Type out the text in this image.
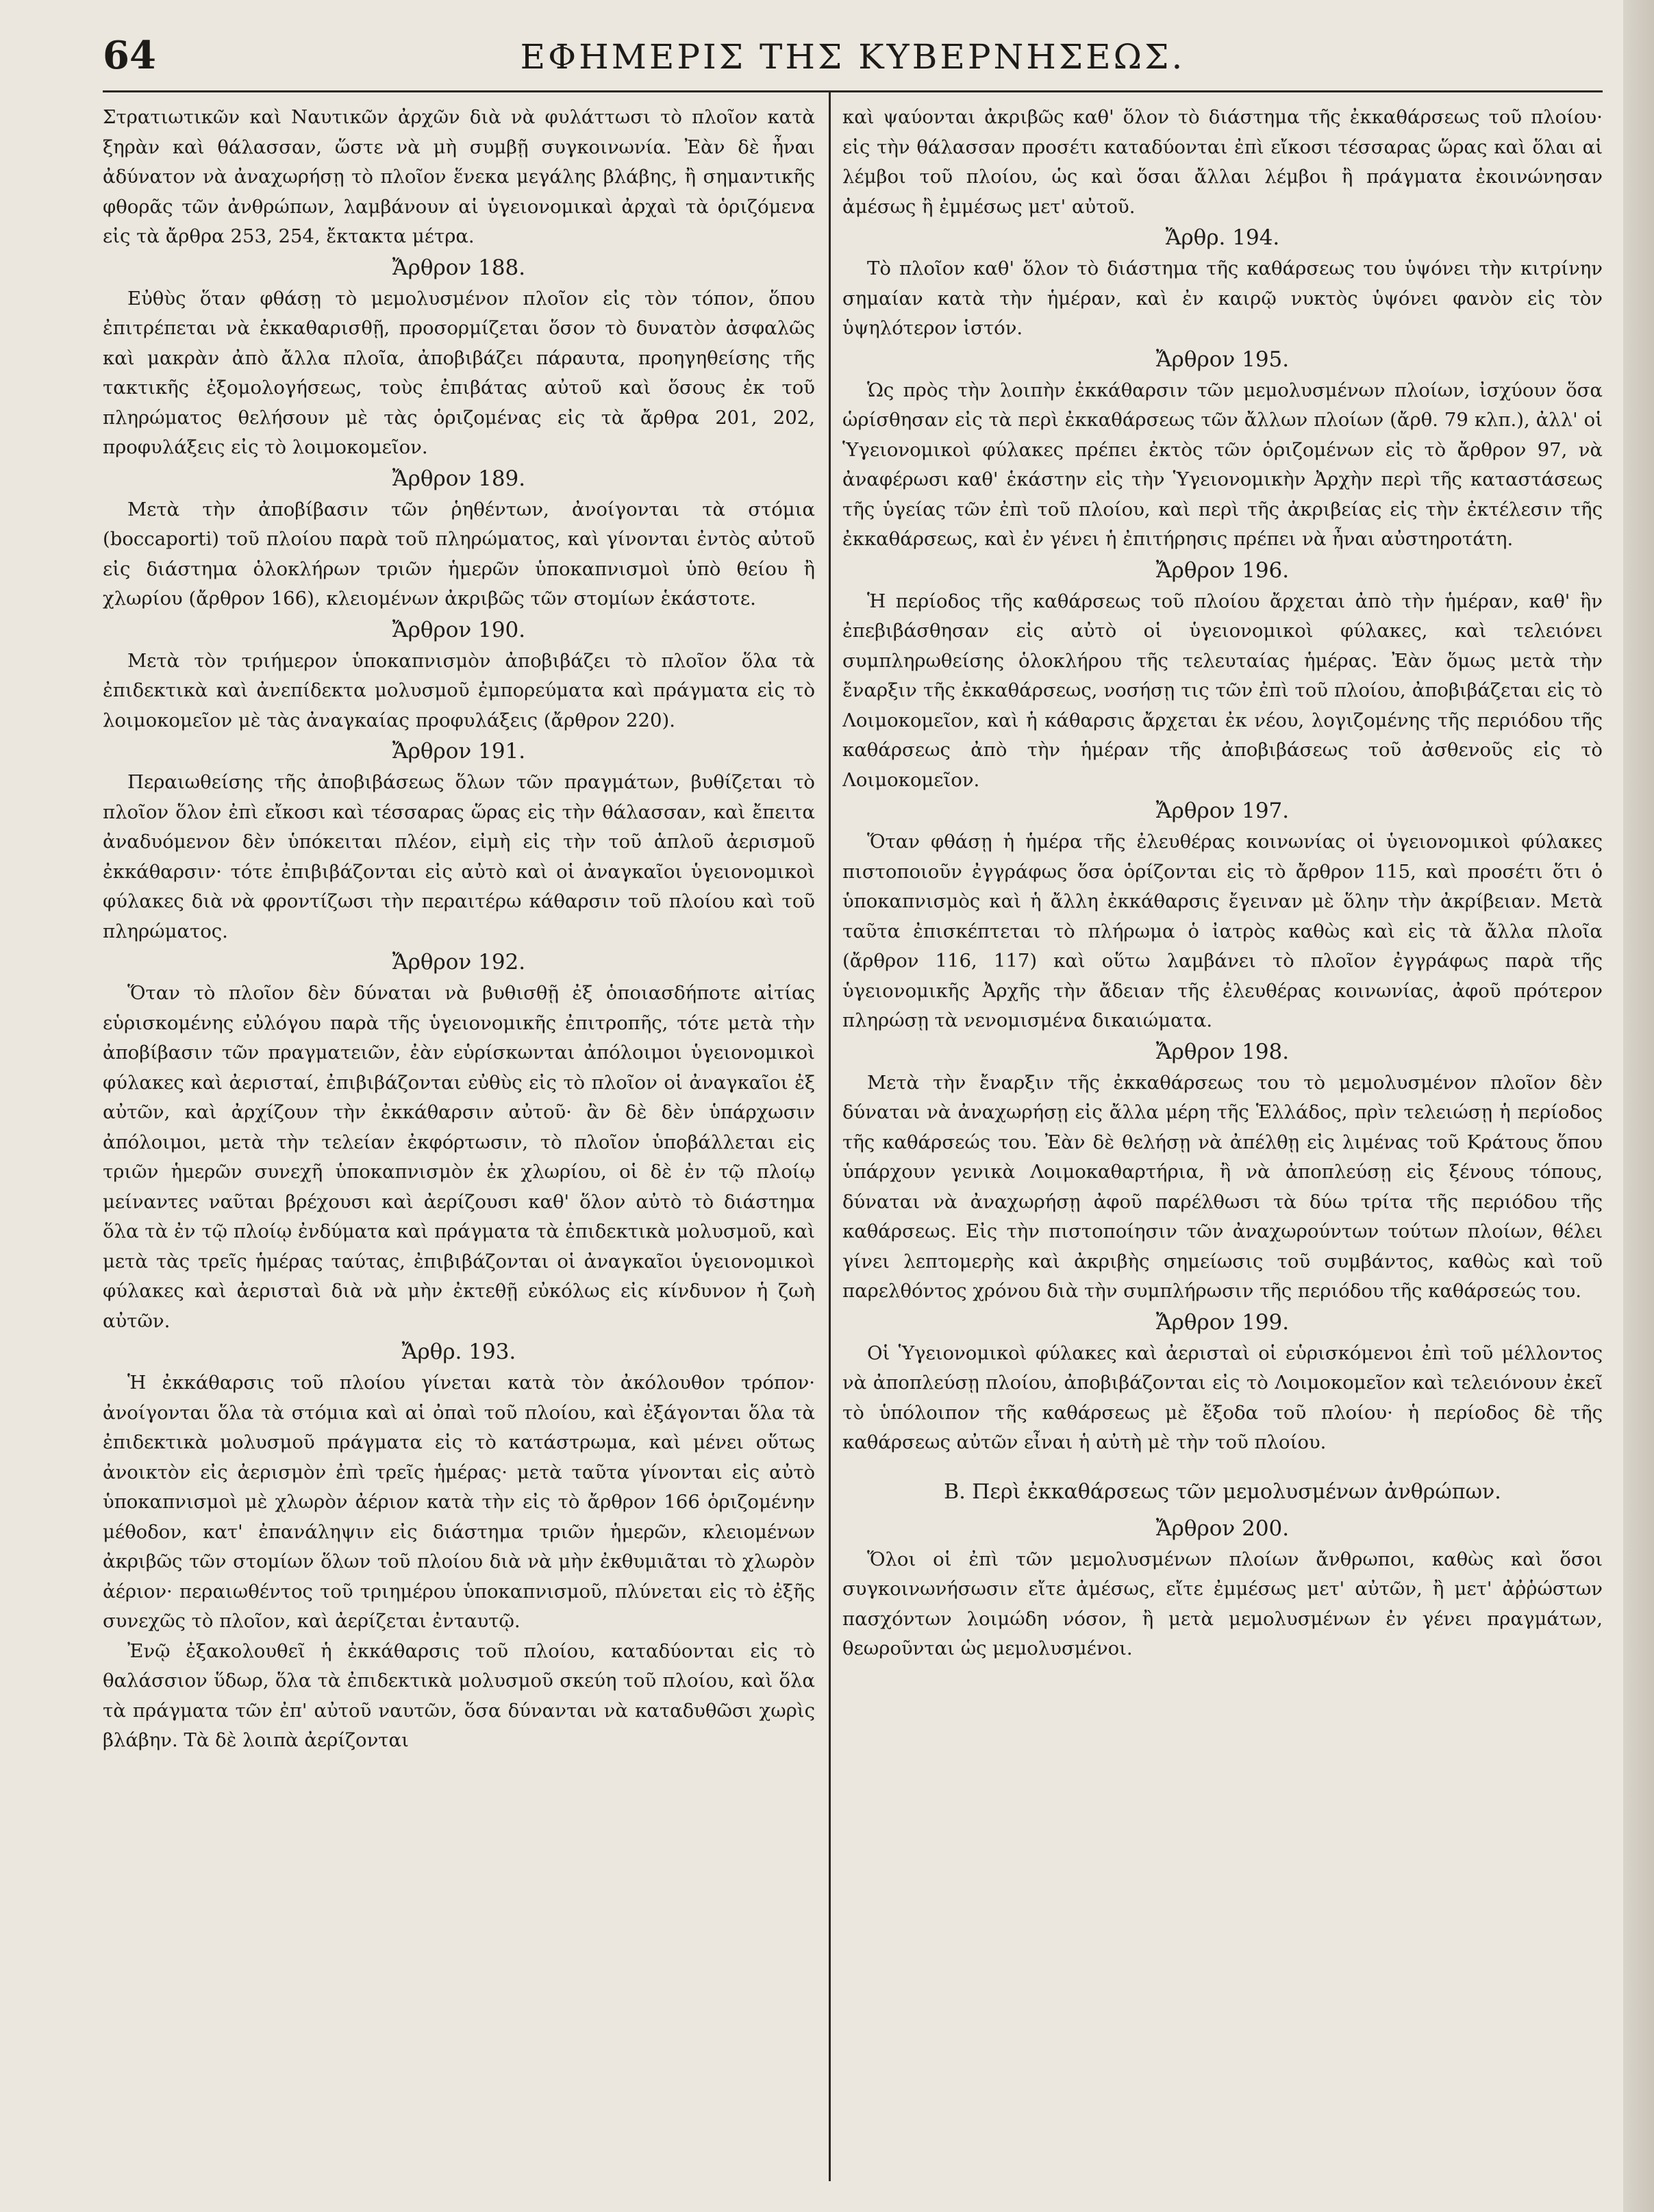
64	ΕΦΗΜΕΡΙΣ ΤΗΣ ΚΥΒΕΡΝΗΣΕΩΣ.

Στρατιωτικῶν καὶ Ναυτικῶν ἀρχῶν διὰ νὰ φυλάττωσι τὸ πλοῖον κατὰ ξηρὰν καὶ θάλασσαν, ὥστε νὰ μὴ συμβῇ συγκοινωνία. Ἐὰν δὲ ἦναι ἀδύνατον νὰ ἀναχωρήσῃ τὸ πλοῖον ἕνεκα μεγάλης βλάβης, ἢ σημαντικῆς φθορᾶς τῶν ἀνθρώπων, λαμβάνουν αἱ ὑγειονομικαὶ ἀρχαὶ τὰ ὁριζόμενα εἰς τὰ ἄρθρα 253, 254, ἔκτακτα μέτρα.

Ἄρθρον 188.

Εὐθὺς ὅταν φθάσῃ τὸ μεμολυσμένον πλοῖον εἰς τὸν τόπον, ὅπου ἐπιτρέπεται νὰ ἐκκαθαρισθῇ, προσορμίζεται ὅσον τὸ δυνατὸν ἀσφαλῶς καὶ μακρὰν ἀπὸ ἄλλα πλοῖα, ἀποβιβάζει πάραυτα, προηγηθείσης τῆς τακτικῆς ἐξομολογήσεως, τοὺς ἐπιβάτας αὐτοῦ καὶ ὅσους ἐκ τοῦ πληρώματος θελήσουν μὲ τὰς ὁριζομένας εἰς τὰ ἄρθρα 201, 202, προφυλάξεις εἰς τὸ λοιμοκομεῖον.

Ἄρθρον 189.

Μετὰ τὴν ἀποβίβασιν τῶν ῥηθέντων, ἀνοίγονται τὰ στόμια (boccaporti) τοῦ πλοίου παρὰ τοῦ πληρώματος, καὶ γίνονται ἐντὸς αὐτοῦ εἰς διάστημα ὁλοκλήρων τριῶν ἡμερῶν ὑποκαπνισμοὶ ὑπὸ θείου ἢ χλωρίου (ἄρθρον 166), κλειομένων ἀκριβῶς τῶν στομίων ἑκάστοτε.

Ἄρθρον 190.

Μετὰ τὸν τριήμερον ὑποκαπνισμὸν ἀποβιβάζει τὸ πλοῖον ὅλα τὰ ἐπιδεκτικὰ καὶ ἀνεπίδεκτα μολυσμοῦ ἐμπορεύματα καὶ πράγματα εἰς τὸ λοιμοκομεῖον μὲ τὰς ἀναγκαίας προφυλάξεις (ἄρθρον 220).

Ἄρθρον 191.

Περαιωθείσης τῆς ἀποβιβάσεως ὅλων τῶν πραγμάτων, βυθίζεται τὸ πλοῖον ὅλον ἐπὶ εἴκοσι καὶ τέσσαρας ὥρας εἰς τὴν θάλασσαν, καὶ ἔπειτα ἀναδυόμενον δὲν ὑπόκειται πλέον, εἰμὴ εἰς τὴν τοῦ ἁπλοῦ ἀερισμοῦ ἐκκάθαρσιν· τότε ἐπιβιβάζονται εἰς αὐτὸ καὶ οἱ ἀναγκαῖοι ὑγειονομικοὶ φύλακες διὰ νὰ φροντίζωσι τὴν περαιτέρω κάθαρσιν τοῦ πλοίου καὶ τοῦ πληρώματος.

Ἄρθρον 192.

Ὅταν τὸ πλοῖον δὲν δύναται νὰ βυθισθῇ ἐξ ὁποιασδήποτε αἰτίας εὑρισκομένης εὐλόγου παρὰ τῆς ὑγειονομικῆς ἐπιτροπῆς, τότε μετὰ τὴν ἀποβίβασιν τῶν πραγματειῶν, ἐὰν εὑρίσκωνται ἀπόλοιμοι ὑγειονομικοὶ φύλακες καὶ ἀερισταί, ἐπιβιβάζονται εὐθὺς εἰς τὸ πλοῖον οἱ ἀναγκαῖοι ἐξ αὐτῶν, καὶ ἀρχίζουν τὴν ἐκκάθαρσιν αὐτοῦ· ἂν δὲ δὲν ὑπάρχωσιν ἀπόλοιμοι, μετὰ τὴν τελείαν ἐκφόρτωσιν, τὸ πλοῖον ὑποβάλλεται εἰς τριῶν ἡμερῶν συνεχῆ ὑποκαπνισμὸν ἐκ χλωρίου, οἱ δὲ ἐν τῷ πλοίῳ μείναντες ναῦται βρέχουσι καὶ ἀερίζουσι καθ' ὅλον αὐτὸ τὸ διάστημα ὅλα τὰ ἐν τῷ πλοίῳ ἐνδύματα καὶ πράγματα τὰ ἐπιδεκτικὰ μολυσμοῦ, καὶ μετὰ τὰς τρεῖς ἡμέρας ταύτας, ἐπιβιβάζονται οἱ ἀναγκαῖοι ὑγειονομικοὶ φύλακες καὶ ἀερισταὶ διὰ νὰ μὴν ἐκτεθῇ εὐκόλως εἰς κίνδυνον ἡ ζωὴ αὐτῶν.

Ἄρθρ. 193.

Ἡ ἐκκάθαρσις τοῦ πλοίου γίνεται κατὰ τὸν ἀκόλουθον τρόπον· ἀνοίγονται ὅλα τὰ στόμια καὶ αἱ ὀπαὶ τοῦ πλοίου, καὶ ἐξάγονται ὅλα τὰ ἐπιδεκτικὰ μολυσμοῦ πράγματα εἰς τὸ κατάστρωμα, καὶ μένει οὕτως ἀνοικτὸν εἰς ἀερισμὸν ἐπὶ τρεῖς ἡμέρας· μετὰ ταῦτα γίνονται εἰς αὐτὸ ὑποκαπνισμοὶ μὲ χλωρὸν ἀέριον κατὰ τὴν εἰς τὸ ἄρθρον 166 ὁριζομένην μέθοδον, κατ' ἐπανάληψιν εἰς διάστημα τριῶν ἡμερῶν, κλειομένων ἀκριβῶς τῶν στομίων ὅλων τοῦ πλοίου διὰ νὰ μὴν ἐκθυμιᾶται τὸ χλωρὸν ἀέριον· περαιωθέντος τοῦ τριημέρου ὑποκαπνισμοῦ, πλύνεται εἰς τὸ ἐξῆς συνεχῶς τὸ πλοῖον, καὶ ἀερίζεται ἐνταυτῷ.

Ἐνῷ ἐξακολουθεῖ ἡ ἐκκάθαρσις τοῦ πλοίου, καταδύονται εἰς τὸ θαλάσσιον ὕδωρ, ὅλα τὰ ἐπιδεκτικὰ μολυσμοῦ σκεύη τοῦ πλοίου, καὶ ὅλα τὰ πράγματα τῶν ἐπ' αὐτοῦ ναυτῶν, ὅσα δύνανται νὰ καταδυθῶσι χωρὶς βλάβην. Τὰ δὲ λοιπὰ ἀερίζονται

καὶ ψαύονται ἀκριβῶς καθ' ὅλον τὸ διάστημα τῆς ἐκκαθάρσεως τοῦ πλοίου· εἰς τὴν θάλασσαν προσέτι καταδύονται ἐπὶ εἴκοσι τέσσαρας ὥρας καὶ ὅλαι αἱ λέμβοι τοῦ πλοίου, ὡς καὶ ὅσαι ἄλλαι λέμβοι ἢ πράγματα ἐκοινώνησαν ἀμέσως ἢ ἐμμέσως μετ' αὐτοῦ.

Ἄρθρ. 194.

Τὸ πλοῖον καθ' ὅλον τὸ διάστημα τῆς καθάρσεως του ὑψόνει τὴν κιτρίνην σημαίαν κατὰ τὴν ἡμέραν, καὶ ἐν καιρῷ νυκτὸς ὑψόνει φανὸν εἰς τὸν ὑψηλότερον ἱστόν.

Ἄρθρον 195.

Ὡς πρὸς τὴν λοιπὴν ἐκκάθαρσιν τῶν μεμολυσμένων πλοίων, ἰσχύουν ὅσα ὡρίσθησαν εἰς τὰ περὶ ἐκκαθάρσεως τῶν ἄλλων πλοίων (ἄρθ. 79 κλπ.), ἀλλ' οἱ Ὑγειονομικοὶ φύλακες πρέπει ἐκτὸς τῶν ὁριζομένων εἰς τὸ ἄρθρον 97, νὰ ἀναφέρωσι καθ' ἑκάστην εἰς τὴν Ὑγειονομικὴν Ἀρχὴν περὶ τῆς καταστάσεως τῆς ὑγείας τῶν ἐπὶ τοῦ πλοίου, καὶ περὶ τῆς ἀκριβείας εἰς τὴν ἐκτέλεσιν τῆς ἐκκαθάρσεως, καὶ ἐν γένει ἡ ἐπιτήρησις πρέπει νὰ ἦναι αὐστηροτάτη.

Ἄρθρον 196.

Ἡ περίοδος τῆς καθάρσεως τοῦ πλοίου ἄρχεται ἀπὸ τὴν ἡμέραν, καθ' ἣν ἐπεβιβάσθησαν εἰς αὐτὸ οἱ ὑγειονομικοὶ φύλακες, καὶ τελειόνει συμπληρωθείσης ὁλοκλήρου τῆς τελευταίας ἡμέρας. Ἐὰν ὅμως μετὰ τὴν ἔναρξιν τῆς ἐκκαθάρσεως, νοσήσῃ τις τῶν ἐπὶ τοῦ πλοίου, ἀποβιβάζεται εἰς τὸ Λοιμοκομεῖον, καὶ ἡ κάθαρσις ἄρχεται ἐκ νέου, λογιζομένης τῆς περιόδου τῆς καθάρσεως ἀπὸ τὴν ἡμέραν τῆς ἀποβιβάσεως τοῦ ἀσθενοῦς εἰς τὸ Λοιμοκομεῖον.

Ἄρθρον 197.

Ὅταν φθάσῃ ἡ ἡμέρα τῆς ἐλευθέρας κοινωνίας οἱ ὑγειονομικοὶ φύλακες πιστοποιοῦν ἐγγράφως ὅσα ὁρίζονται εἰς τὸ ἄρθρον 115, καὶ προσέτι ὅτι ὁ ὑποκαπνισμὸς καὶ ἡ ἄλλη ἐκκάθαρσις ἔγειναν μὲ ὅλην τὴν ἀκρίβειαν. Μετὰ ταῦτα ἐπισκέπτεται τὸ πλήρωμα ὁ ἰατρὸς καθὼς καὶ εἰς τὰ ἄλλα πλοῖα (ἄρθρον 116, 117) καὶ οὕτω λαμβάνει τὸ πλοῖον ἐγγράφως παρὰ τῆς ὑγειονομικῆς Ἀρχῆς τὴν ἄδειαν τῆς ἐλευθέρας κοινωνίας, ἀφοῦ πρότερον πληρώσῃ τὰ νενομισμένα δικαιώματα.

Ἄρθρον 198.

Μετὰ τὴν ἔναρξιν τῆς ἐκκαθάρσεως του τὸ μεμολυσμένον πλοῖον δὲν δύναται νὰ ἀναχωρήσῃ εἰς ἄλλα μέρη τῆς Ἑλλάδος, πρὶν τελειώσῃ ἡ περίοδος τῆς καθάρσεώς του. Ἐὰν δὲ θελήσῃ νὰ ἀπέλθῃ εἰς λιμένας τοῦ Κράτους ὅπου ὑπάρχουν γενικὰ Λοιμοκαθαρτήρια, ἢ νὰ ἀποπλεύσῃ εἰς ξένους τόπους, δύναται νὰ ἀναχωρήσῃ ἀφοῦ παρέλθωσι τὰ δύω τρίτα τῆς περιόδου τῆς καθάρσεως. Εἰς τὴν πιστοποίησιν τῶν ἀναχωρούντων τούτων πλοίων, θέλει γίνει λεπτομερὴς καὶ ἀκριβὴς σημείωσις τοῦ συμβάντος, καθὼς καὶ τοῦ παρελθόντος χρόνου διὰ τὴν συμπλήρωσιν τῆς περιόδου τῆς καθάρσεώς του.

Ἄρθρον 199.

Οἱ Ὑγειονομικοὶ φύλακες καὶ ἀερισταὶ οἱ εὑρισκόμενοι ἐπὶ τοῦ μέλλοντος νὰ ἀποπλεύσῃ πλοίου, ἀποβιβάζονται εἰς τὸ Λοιμοκομεῖον καὶ τελειόνουν ἐκεῖ τὸ ὑπόλοιπον τῆς καθάρσεως μὲ ἔξοδα τοῦ πλοίου· ἡ περίοδος δὲ τῆς καθάρσεως αὐτῶν εἶναι ἡ αὐτὴ μὲ τὴν τοῦ πλοίου.

Β. Περὶ ἐκκαθάρσεως τῶν μεμολυσμένων ἀνθρώπων.
Ἄρθρον 200.

Ὅλοι οἱ ἐπὶ τῶν μεμολυσμένων πλοίων ἄνθρωποι, καθὼς καὶ ὅσοι συγκοινωνήσωσιν εἴτε ἀμέσως, εἴτε ἐμμέσως μετ' αὐτῶν, ἢ μετ' ἀῤῥώστων πασχόντων λοιμώδη νόσον, ἢ μετὰ μεμολυσμένων ἐν γένει πραγμάτων, θεωροῦνται ὡς μεμολυσμένοι.
